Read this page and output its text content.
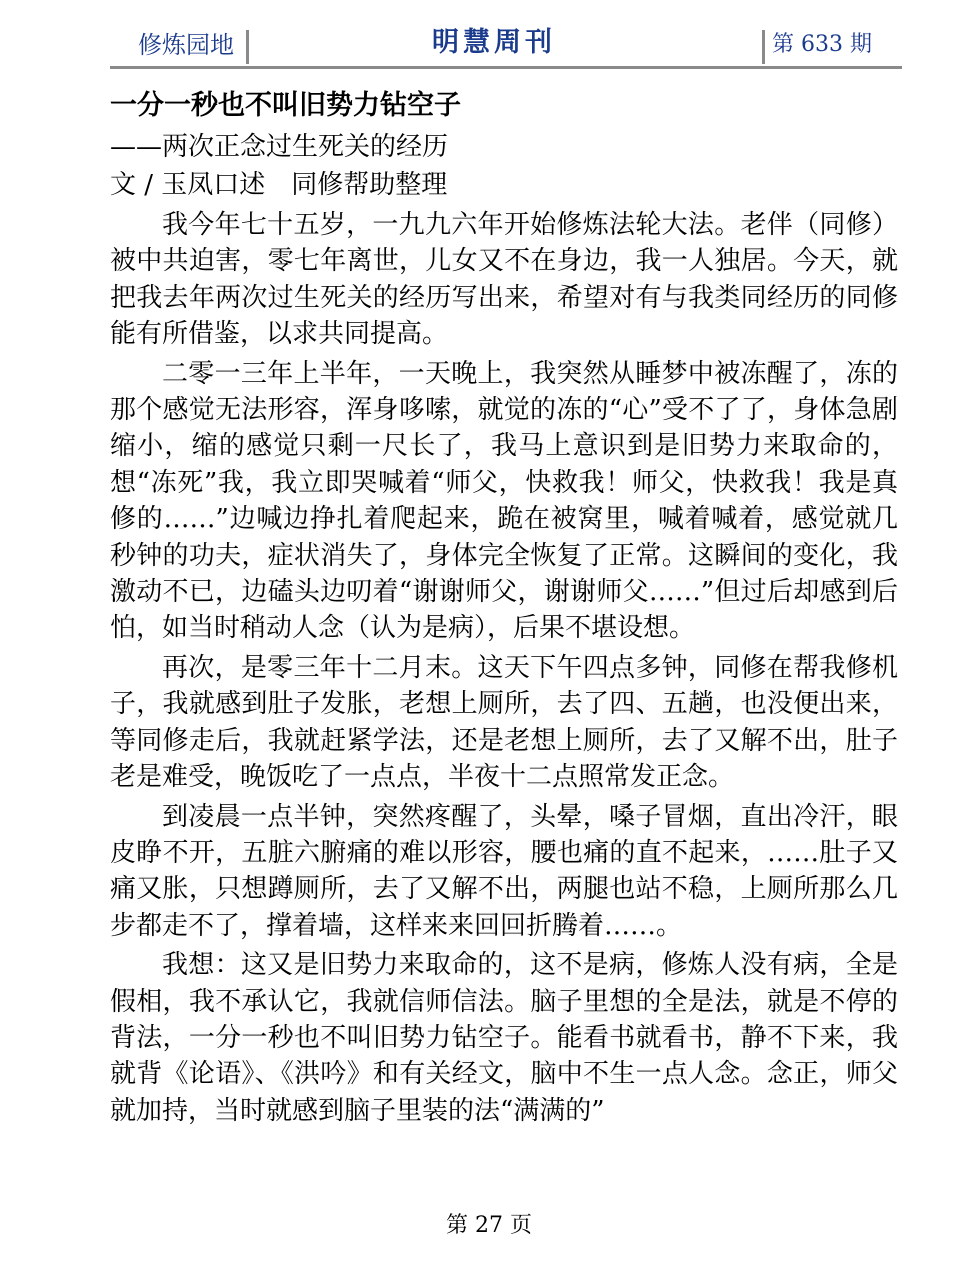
修炼园地	明慧周刊	第 633 期
一分一秒也不叫旧势力钻空子
——两次正念过生死关的经历
文 / 玉凤口述 同修帮助整理

我今年七十五岁，一九九六年开始修炼法轮大法。老伴（同修）被中共迫害，零七年离世，儿女又不在身边，我一人独居。今天，就把我去年两次过生死关的经历写出来，希望对有与我类同经历的同修能有所借鉴，以求共同提高。

二零一三年上半年，一天晚上，我突然从睡梦中被冻醒了，冻的那个感觉无法形容，浑身哆嗦，就觉的冻的“心”受不了了，身体急剧缩小，缩的感觉只剩一尺长了，我马上意识到是旧势力来取命的，想“冻死”我，我立即哭喊着“师父，快救我！师父，快救我！我是真修的……”边喊边挣扎着爬起来，跪在被窝里，喊着喊着，感觉就几秒钟的功夫，症状消失了，身体完全恢复了正常。这瞬间的变化，我激动不已，边磕头边叨着“谢谢师父，谢谢师父……”但过后却感到后怕，如当时稍动人念（认为是病），后果不堪设想。

再次，是零三年十二月末。这天下午四点多钟，同修在帮我修机子，我就感到肚子发胀，老想上厕所，去了四、五趟，也没便出来，等同修走后，我就赶紧学法，还是老想上厕所，去了又解不出，肚子老是难受，晚饭吃了一点点，半夜十二点照常发正念。

到凌晨一点半钟，突然疼醒了，头晕，嗓子冒烟，直出冷汗，眼皮睁不开，五脏六腑痛的难以形容，腰也痛的直不起来，……肚子又痛又胀，只想蹲厕所，去了又解不出，两腿也站不稳，上厕所那么几步都走不了，撑着墙，这样来来回回折腾着……。

我想：这又是旧势力来取命的，这不是病，修炼人没有病，全是假相，我不承认它，我就信师信法。脑子里想的全是法，就是不停的背法，一分一秒也不叫旧势力钻空子。能看书就看书，静不下来，我就背《论语》、《洪吟》和有关经文，脑中不生一点人念。念正，师父就加持，当时就感到脑子里装的法“满满的”

第 27 页
